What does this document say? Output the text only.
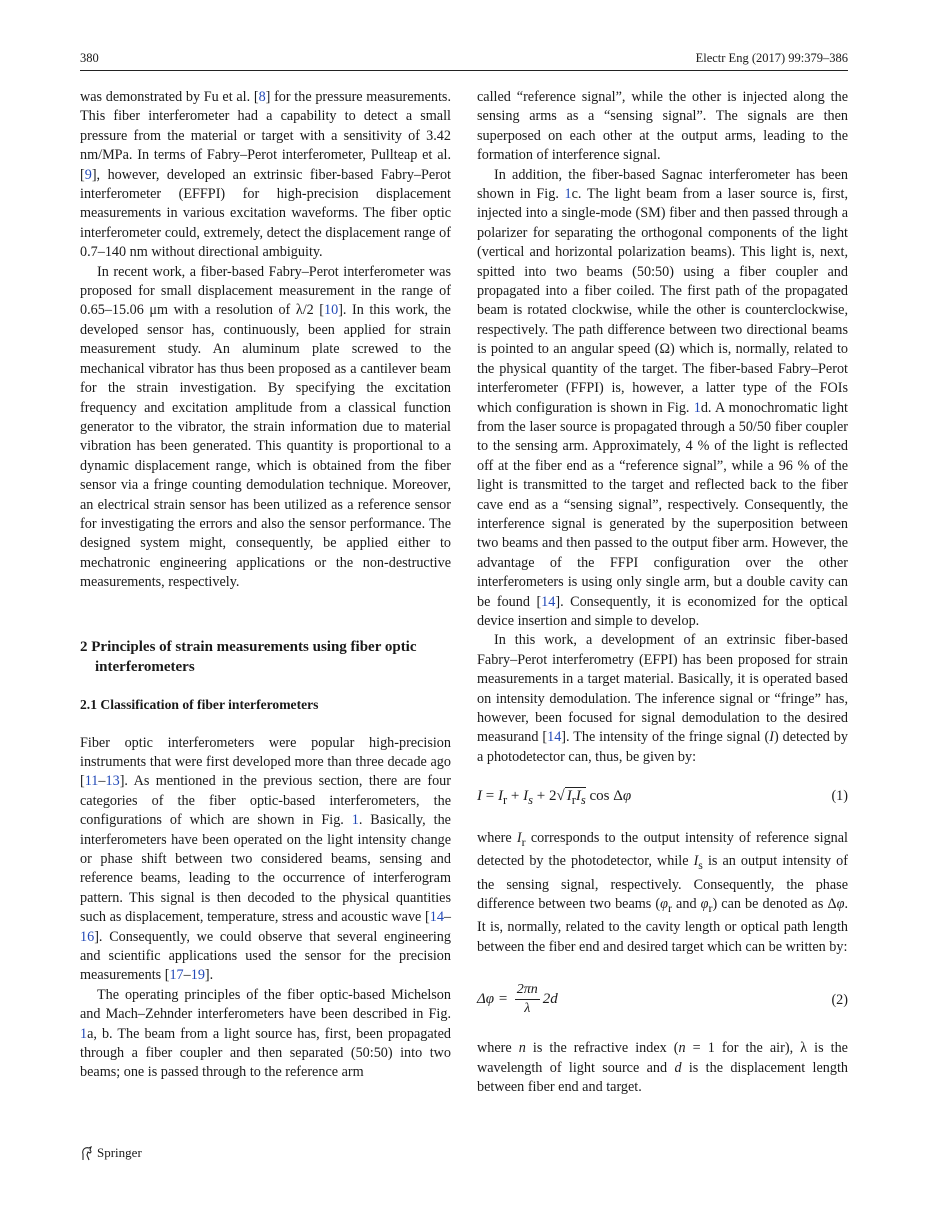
380	Electr Eng (2017) 99:379–386

was demonstrated by Fu et al. [8] for the pressure measurements. This fiber interferometer had a capability to detect a small pressure from the material or target with a sensitivity of 3.42 nm/MPa. In terms of Fabry–Perot interferometer, Pullteap et al. [9], however, developed an extrinsic fiber-based Fabry–Perot interferometer (EFFPI) for high-precision displacement measurements in various excitation waveforms. The fiber optic interferometer could, extremely, detect the displacement range of 0.7–140 nm without directional ambiguity.

In recent work, a fiber-based Fabry–Perot interferometer was proposed for small displacement measurement in the range of 0.65–15.06 μm with a resolution of λ/2 [10]. In this work, the developed sensor has, continuously, been applied for strain measurement study. An aluminum plate screwed to the mechanical vibrator has thus been proposed as a cantilever beam for the strain investigation. By specifying the excitation frequency and excitation amplitude from a classical function generator to the vibrator, the strain information due to material vibration has been generated. This quantity is proportional to a dynamic displacement range, which is obtained from the fiber sensor via a fringe counting demodulation technique. Moreover, an electrical strain sensor has been utilized as a reference sensor for investigating the errors and also the sensor performance. The designed system might, consequently, be applied either to mechatronic engineering applications or the non-destructive measurements, respectively.

2 Principles of strain measurements using fiber optic interferometers
2.1 Classification of fiber interferometers

Fiber optic interferometers were popular high-precision instruments that were first developed more than three decade ago [11–13]. As mentioned in the previous section, there are four categories of the fiber optic-based interferometers, the configurations of which are shown in Fig. 1. Basically, the interferometers have been operated on the light intensity change or phase shift between two considered beams, sensing and reference beams, leading to the occurrence of interferogram pattern. This signal is then decoded to the physical quantities such as displacement, temperature, stress and acoustic wave [14–16]. Consequently, we could observe that several engineering and scientific applications used the sensor for the precision measurements [17–19].

The operating principles of the fiber optic-based Michelson and Mach–Zehnder interferometers have been described in Fig. 1a, b. The beam from a light source has, first, been propagated through a fiber coupler and then separated (50:50) into two beams; one is passed through to the reference arm

called “reference signal”, while the other is injected along the sensing arms as a “sensing signal”. The signals are then superposed on each other at the output arms, leading to the formation of interference signal.

In addition, the fiber-based Sagnac interferometer has been shown in Fig. 1c. The light beam from a laser source is, first, injected into a single-mode (SM) fiber and then passed through a polarizer for separating the orthogonal components of the light (vertical and horizontal polarization beams). This light is, next, spitted into two beams (50:50) using a fiber coupler and propagated into a fiber coiled. The first path of the propagated beam is rotated clockwise, while the other is counterclockwise, respectively. The path difference between two directional beams is pointed to an angular speed (Ω) which is, normally, related to the physical quantity of the target. The fiber-based Fabry–Perot interferometer (FFPI) is, however, a latter type of the FOIs which configuration is shown in Fig. 1d. A monochromatic light from the laser source is propagated through a 50/50 fiber coupler to the sensing arm. Approximately, 4 % of the light is reflected off at the fiber end as a “reference signal”, while a 96 % of the light is transmitted to the target and reflected back to the fiber cave end as a “sensing signal”, respectively. Consequently, the interference signal is generated by the superposition between two beams and then passed to the output fiber arm. However, the advantage of the FFPI configuration over the other interferometers is using only single arm, but a double cavity can be found [14]. Consequently, it is economized for the optical device insertion and simple to develop.

In this work, a development of an extrinsic fiber-based Fabry–Perot interferometry (EFPI) has been proposed for strain measurements in a target material. Basically, it is operated based on intensity demodulation. The inference signal or “fringe” has, however, been focused for signal demodulation to the desired measurand [14]. The intensity of the fringe signal (I) detected by a photodetector can, thus, be given by:

$I = I_r + I_s + 2√$ $I_rI_s$ cos Δφ	(1)

where $I_r$ corresponds to the output intensity of reference signal detected by the photodetector, while $I_s$ is an output intensity of the sensing signal, respectively. Consequently, the phase difference between two beams ($\varphi_r$ and $\varphi_r$) can be denoted as Δφ. It is, normally, related to the cavity length or optical path length between the fiber end and desired target which can be written by:

$\Delta\varphi = \frac{2\pi n}{\lambda} 2d$	(2)

where n is the refractive index (n = 1 for the air), λ is the wavelength of light source and d is the displacement length between fiber end and target.

Springer
